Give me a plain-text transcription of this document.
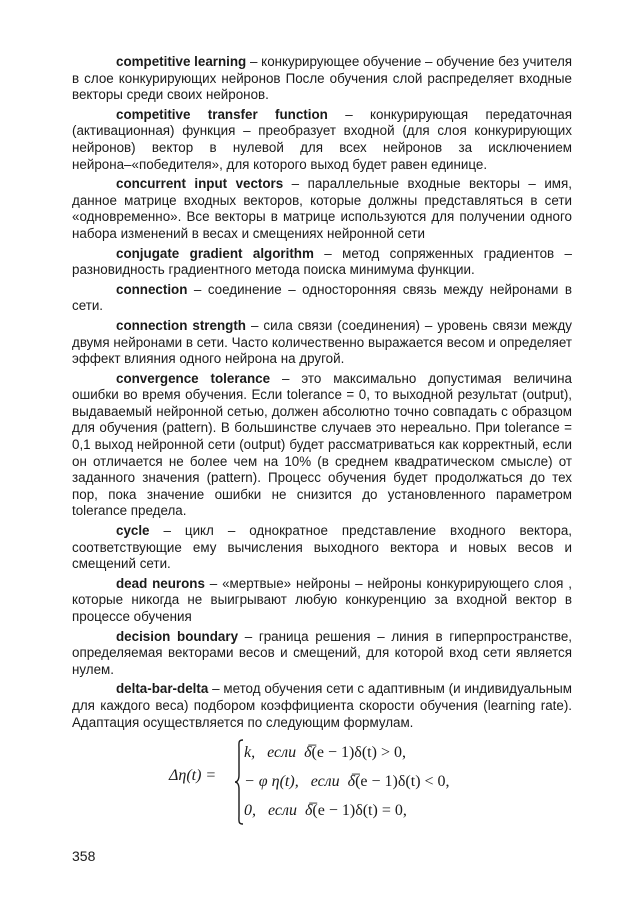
competitive learning – конкурирующее обучение – обучение без учителя в слое конкурирующих нейронов После обучения слой распределяет входные векторы среди своих нейронов.

competitive transfer function – конкурирующая передаточная (активационная) функция – преобразует входной (для слоя конкурирующих нейронов) вектор в нулевой для всех нейронов за исключением нейрона–«победителя», для которого выход будет равен единице.

concurrent input vectors – параллельные входные векторы – имя, данное матрице входных векторов, которые должны представляться в сети «одновременно». Все векторы в матрице используются для получении одного набора изменений в весах и смещениях нейронной сети

conjugate gradient algorithm – метод сопряженных градиентов – разновидность градиентного метода поиска минимума функции.

connection – соединение – односторонняя связь между нейронами в сети.

connection strength – сила связи (соединения) – уровень связи между двумя нейронами в сети. Часто количественно выражается весом и определяет эффект влияния одного нейрона на другой.

convergence tolerance – это максимально допустимая величина ошибки во время обучения. Если tolerance = 0, то выходной результат (output), выдаваемый нейронной сетью, должен абсолютно точно совпадать с образцом для обучения (pattern). В большинстве случаев это нереально. При tolerance = 0,1 выход нейронной сети (output) будет рассматриваться как корректный, если он отличается не более чем на 10% (в среднем квадратическом смысле) от заданного значения (pattern). Процесс обучения будет продолжаться до тех пор, пока значение ошибки не снизится до установленного параметром tolerance предела.

cycle – цикл – однократное представление входного вектора, соответствующие ему вычисления выходного вектора и новых весов и смещений сети.

dead neurons – «мертвые» нейроны – нейроны конкурирующего слоя , которые никогда не выигрывают любую конкуренцию за входной вектор в процессе обучения

decision boundary – граница решения – линия в гиперпространстве, определяемая векторами весов и смещений, для которой вход сети является нулем.

delta-bar-delta – метод обучения сети с адаптивным (и индивидуальным для каждого веса) подбором коэффициента скорости обучения (learning rate). Адаптация осуществляется по следующим формулам.

Δη(t) =
k, если δ̅(e − 1)δ(t) > 0,
− φ η(t), если δ̅(e − 1)δ(t) < 0,
0, если δ̅(e − 1)δ(t) = 0,
358
